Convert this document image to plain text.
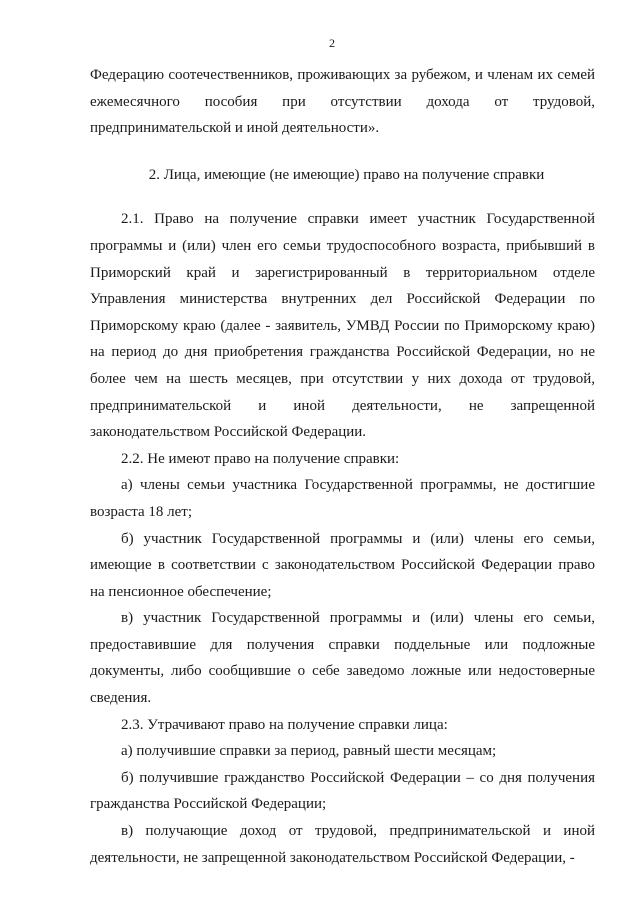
2

Федерацию соотечественников, проживающих за рубежом, и членам их семей ежемесячного пособия при отсутствии дохода от трудовой, предпринимательской и иной деятельности».

2. Лица, имеющие (не имеющие) право на получение справки

2.1. Право на получение справки имеет участник Государственной программы и (или) член его семьи трудоспособного возраста, прибывший в Приморский край и зарегистрированный в территориальном отделе Управления министерства внутренних дел Российской Федерации по Приморскому краю (далее - заявитель, УМВД России по Приморскому краю) на период до дня приобретения гражданства Российской Федерации, но не более чем на шесть месяцев, при отсутствии у них дохода от трудовой, предпринимательской и иной деятельности, не запрещенной законодательством Российской Федерации.

2.2. Не имеют право на получение справки:

а) члены семьи участника Государственной программы, не достигшие возраста 18 лет;

б) участник Государственной программы и (или) члены его семьи, имеющие в соответствии с законодательством Российской Федерации право на пенсионное обеспечение;

в) участник Государственной программы и (или) члены его семьи, предоставившие для получения справки поддельные или подложные документы, либо сообщившие о себе заведомо ложные или недостоверные сведения.

2.3. Утрачивают право на получение справки лица:

а) получившие справки за период, равный шести месяцам;

б) получившие гражданство Российской Федерации – со дня получения гражданства Российской Федерации;

в) получающие доход от трудовой, предпринимательской и иной деятельности, не запрещенной законодательством Российской Федерации, -
